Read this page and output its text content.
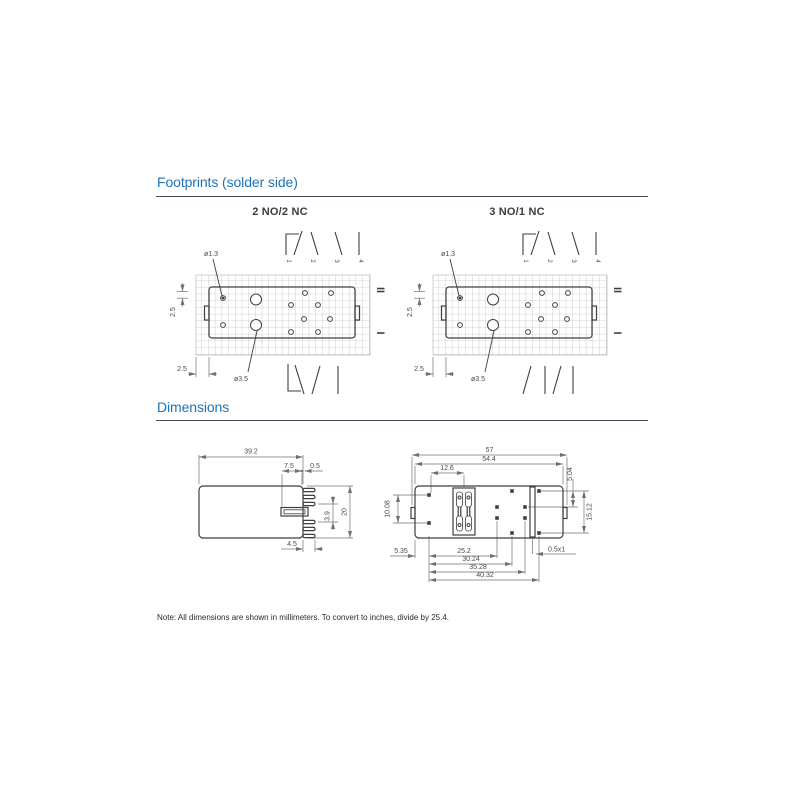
Footprints (solder side)
2 NO/2 NC	3 NO/1 NC
ø1.3
ø3.5
2.5
2.5
II
I
1	2	3	4
ø1.3
ø3.5
2.5
2.5
II
I
1	2	3	4
Dimensions
39.2
7.5 0.5
20
3.9
4.5
57
54.4
12.6
10.08
5.04
15.12
5.35	25.2
30.24
35.28
40.32
0.5x1
Note: All dimensions are shown in millimeters. To convert to inches, divide by 25.4.
